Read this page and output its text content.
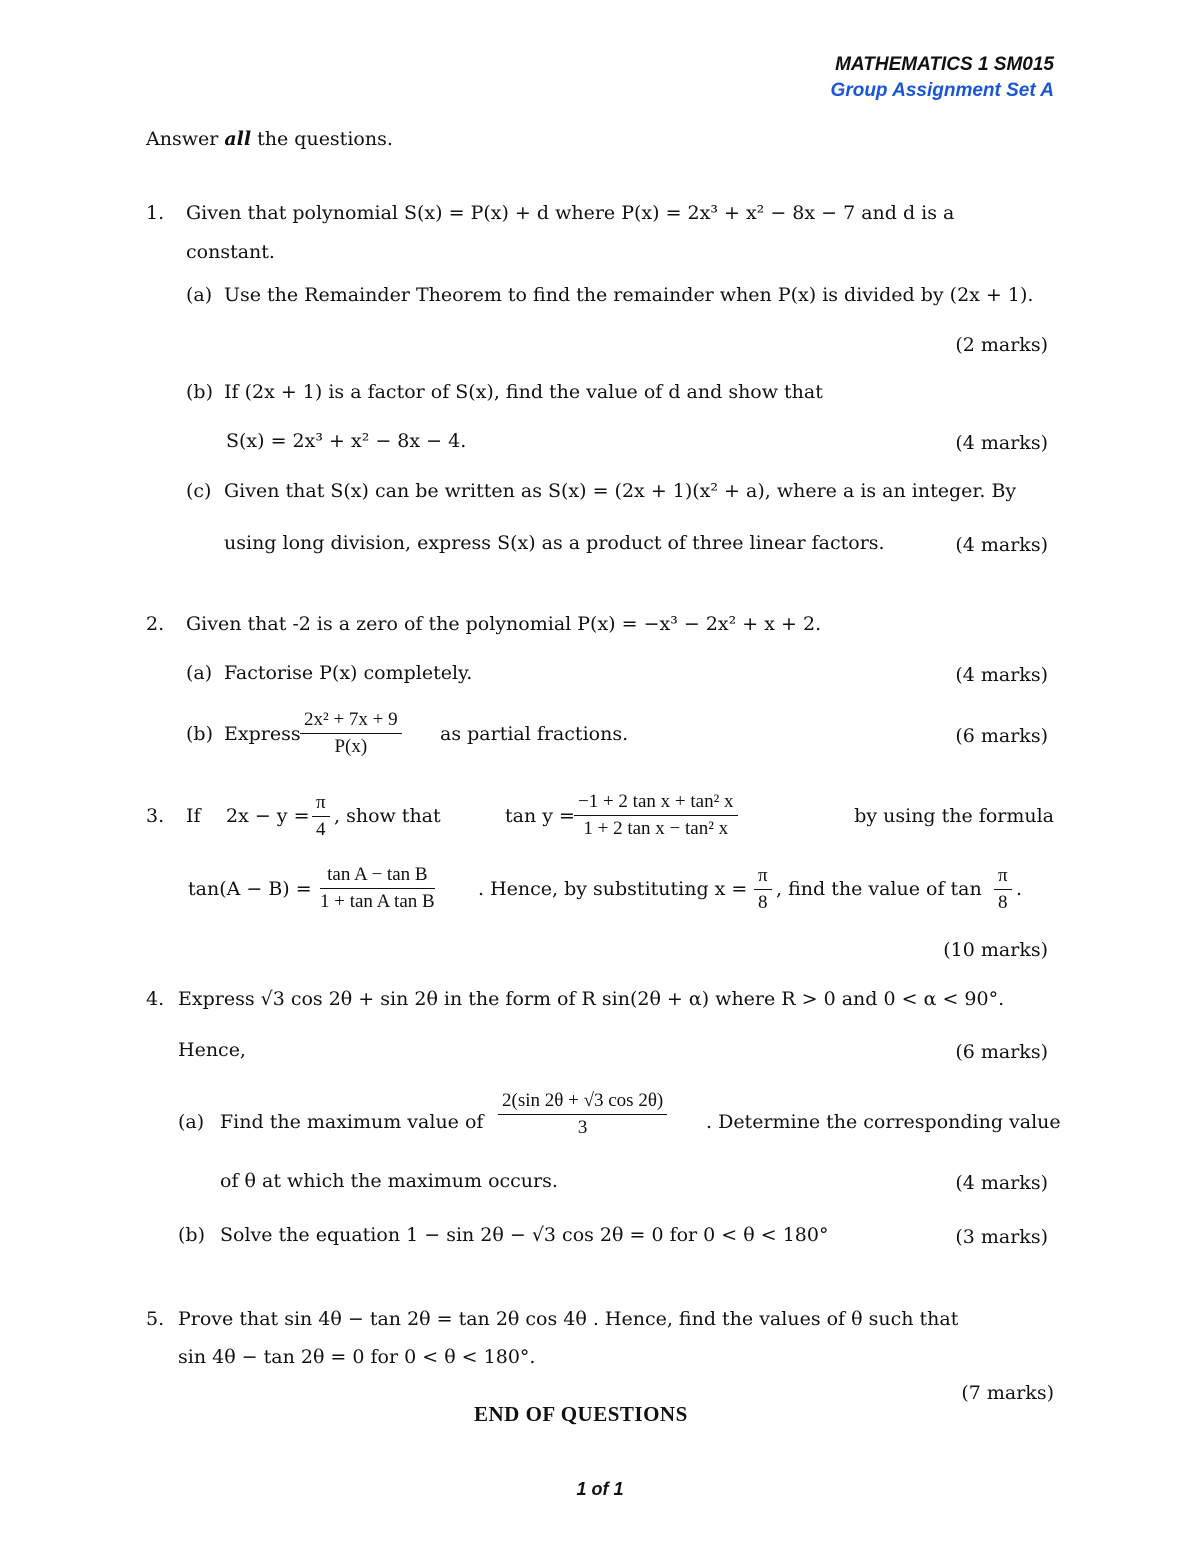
MATHEMATICS 1 SM015
Group Assignment Set A
Answer all the questions.
1. Given that polynomial S(x) = P(x) + d where P(x) = 2x³ + x² − 8x − 7 and d is a
constant.
(a) Use the Remainder Theorem to find the remainder when P(x) is divided by (2x + 1).
(2 marks)
(b) If (2x + 1) is a factor of S(x), find the value of d and show that
S(x) = 2x³ + x² − 8x − 4.	(4 marks)
(c) Given that S(x) can be written as S(x) = (2x + 1)(x² + a), where a is an integer. By
using long division, express S(x) as a product of three linear factors.	(4 marks)
2. Given that -2 is a zero of the polynomial P(x) = −x³ − 2x² + x + 2.
(a) Factorise P(x) completely.	(4 marks)
(b) Express $\frac{\text{2x² + 7x + 9}}{P(x)}$ as partial fractions.	(6 marks)
3. If $2x - y = \frac{\pi}{4}$ , show that	$\tan y = \frac{\text{−1 + 2 tan x + tan² x}}{\text{1 + 2 tan x − tan² x}}$	by using the formula
$\tan(A - B) = \frac{\text{tan A − tan B}}{\text{1 + tan A tan B}}$ . Hence, by substituting $x = \frac{\pi}{8}$ , find the value of $\tan \frac{\pi}{8}$ .
(10 marks)
4. Express √3 cos 2θ + sin 2θ in the form of R sin(2θ + α) where R > 0 and 0 < α < 90°.
Hence,	(6 marks)
(a) Find the maximum value of $\frac{2(\sin 2\theta + √3 \cos 2\theta)}{3}$ . Determine the corresponding value
of θ at which the maximum occurs.	(4 marks)
(b) Solve the equation 1 − sin 2θ − √3 cos 2θ = 0 for 0 < θ < 180°	(3 marks)
5. Prove that sin 4θ − tan 2θ = tan 2θ cos 4θ . Hence, find the values of θ such that
sin 4θ − tan 2θ = 0 for 0 < θ < 180°.
(7 marks)
END OF QUESTIONS
1 of 1
